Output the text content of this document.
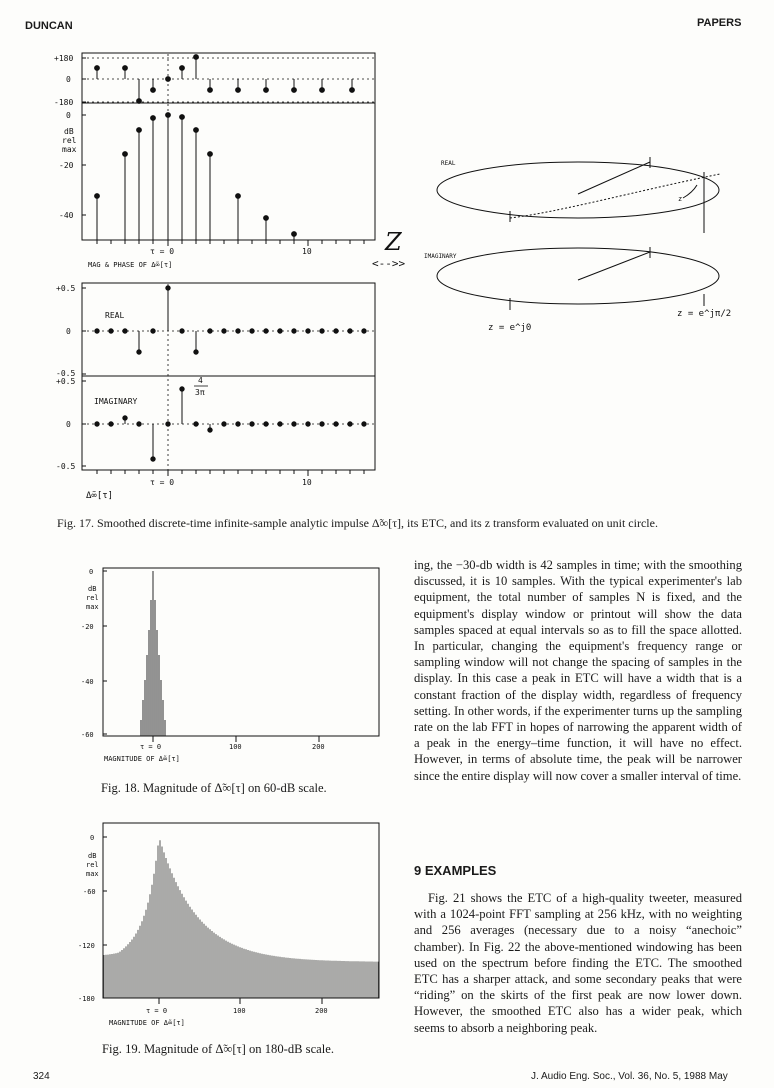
DUNCAN	PAPERS
+180
0
-180
0
dB
rel
max
-20
-40
τ = 0	10
MAG & PHASE OF Δ̃∞[τ]
+0.5
0
-0.5
+0.5
0
-0.5
REAL
IMAGINARY
4
3π
τ = 0	10
Δ̃∞[τ]
Z
<-->>
REAL
IMAGINARY
z
z = e^j0
z = e^jπ/2
0
dB
rel
max
-20
-40
-60
τ = 0	100	200
MAGNITUDE OF Δ̃∞[τ]
0
dB
rel
max
-60
-120
-180
τ = 0	100	200
MAGNITUDE OF Δ̃∞[τ]
Fig. 17. Smoothed discrete-time infinite-sample analytic impulse Δ̃∞[τ], its ETC, and its z transform evaluated on unit circle.
Fig. 18. Magnitude of Δ̃∞[τ] on 60-dB scale.
Fig. 19. Magnitude of Δ̃∞[τ] on 180-dB scale.

ing, the −30-db width is 42 samples in time; with the smoothing discussed, it is 10 samples. With the typical experimenter's lab equipment, the total number of samples N is fixed, and the equipment's display window or printout will show the data samples spaced at equal intervals so as to fill the space allotted. In particular, changing the equipment's frequency range or sampling window will not change the spacing of samples in the display. In this case a peak in ETC will have a width that is a constant fraction of the display width, regardless of frequency setting. In other words, if the experimenter turns up the sampling rate on the lab FFT in hopes of narrowing the apparent width of a peak in the energy–time function, it will have no effect. However, in terms of absolute time, the peak will be narrower since the entire display will now cover a smaller interval of time.

9 EXAMPLES

Fig. 21 shows the ETC of a high-quality tweeter, measured with a 1024-point FFT sampling at 256 kHz, with no weighting and 256 averages (necessary due to a noisy “anechoic” chamber). In Fig. 22 the above-mentioned windowing has been used on the spectrum before finding the ETC. The smoothed ETC has a sharper attack, and some secondary peaks that were “riding” on the skirts of the first peak are now lower down. However, the smoothed ETC also has a wider peak, which seems to absorb a neighboring peak.

324	J. Audio Eng. Soc., Vol. 36, No. 5, 1988 May
